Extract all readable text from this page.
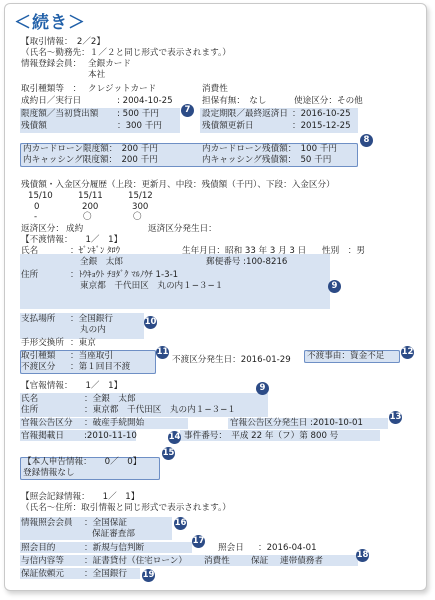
＜続き＞
【取引情報：　2／2】
（氏名～勤務先：１／２と同じ形式で表示されます。）
情報登録会員： 全銀カード
本社
取引種類等　： クレジットカード	消費性
成約日／実行日	: 2004-10-25	担保有無：　なし	使途区分：その他
限度額／当初貸出額 : 500 千円	設定期限／最終返済日 ：2016-10-25
残債額	：300 千円	残債額更新日	：2015-12-25
7
内カードローン限度額：　200 千円	内カードローン残債額：　100 千円
内キャッシング限度額：　200 千円	内キャッシング残債額：　50 千円
8
残債額・入金区分履歴（上段：更新月、中段：残債額（千円）、下段：入金区分）
15/10	15/11	15/12
0	200	300
-	〇	〇
返済区分： 成約	返済区分発生日：
【不渡情報：　　1／　1】
氏名	：ｾﾞﾝｷﾞﾝ ﾀﾛｳ	生年月日：昭和 33 年 3 月 3 日 性別　：男
全銀　太郎	郵便番号 :100-8216
住所	：ﾄｳｷｮｳﾄ ﾁﾖﾀﾞｸ ﾏﾙﾉｳﾁ 1-3-1
東京都　千代田区　丸の内１−３−１	9
支払場所 ：全国銀行
丸の内
10
手形交換所 ：東京
取引種類 ：当座取引
不渡区分 ：第１回目不渡
11
不渡区分発生日：2016-01-29 不渡事由：資金不足 12
【官報情報：　　1／　1】	9
氏名	：全銀　太郎
住所	：東京都　千代田区　丸の内１−３−１
官報公告区分 ：破産手続開始	官報公告区分発生日 :2010-10-01
13
官報掲載日 :2010-11-10	14 事件番号：　平成 22 年（フ）第 800 号
【本人申告情報：　　0／　0】
登録情報なし
15
【照会記録情報：　　1／　1】
（氏名～住所：取引情報と同じ形式で表示されます。）
情報照会会員 ：全国保証
保証審査部
16
17
照会目的	：新規与信判断	照会日 ：2016-04-01
与信内容等 ：証書貸付（住宅ローン） 消費性 保証 連帯債務者
18
保証依頼元 ：全国銀行 19
